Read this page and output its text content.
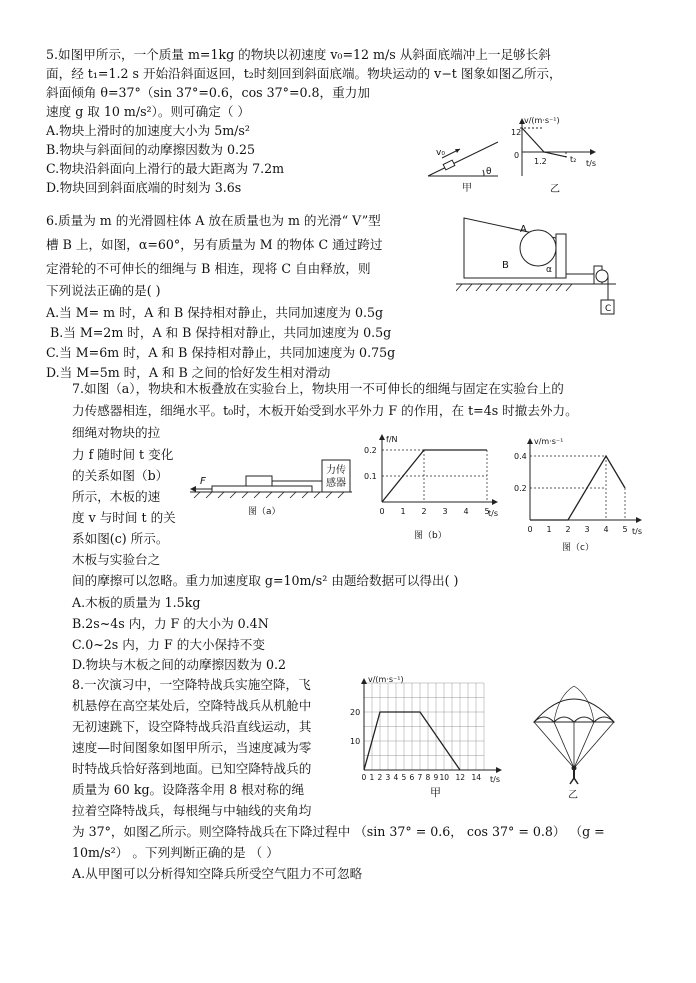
5.如图甲所示，一个质量 m=1kg 的物块以初速度 v₀=12 m/s 从斜面底端冲上一足够长斜
面，经 t₁=1.2 s 开始沿斜面返回，t₂时刻回到斜面底端。物块运动的 v−t 图象如图乙所示，
斜面倾角 θ=37°（sin 37°=0.6，cos 37°=0.8，重力加
速度 g 取 10 m/s²）。则可确定（ ）
A.物块上滑时的加速度大小为 5m/s²
B.物块与斜面间的动摩擦因数为 0.25
C.物块沿斜面向上滑行的最大距离为 7.2m
D.物块回到斜面底端的时刻为 3.6s
v₀
θ
甲
v/(m·s⁻¹)
t/s
12
0
1.2	t₂
乙
6.质量为 m 的光滑圆柱体 A 放在质量也为 m 的光滑“ V”型
槽 B 上，如图，α=60°，另有质量为 M 的物体 C 通过跨过
定滑轮的不可伸长的细绳与 B 相连，现将 C 自由释放，则
下列说法正确的是( )
A.当 M= m 时，A 和 B 保持相对静止，共同加速度为 0.5g
B.当 M=2m 时，A 和 B 保持相对静止，共同加速度为 0.5g
C.当 M=6m 时，A 和 B 保持相对静止，共同加速度为 0.75g
D.当 M=5m 时，A 和 B 之间的恰好发生相对滑动
C
A
B	α
7.如图（a），物块和木板叠放在实验台上，物块用一不可伸长的细绳与固定在实验台上的
力传感器相连，细绳水平。t₀时，木板开始受到水平外力 F 的作用，在 t=4s 时撤去外力。
细绳对物块的拉
力 f 随时间 t 变化
的关系如图（b）
所示，木板的速
度 v 与时间 t 的关
系如图(c) 所示。
木板与实验台之
间的摩擦可以忽略。重力加速度取 g=10m/s² 由题给数据可以得出( )
A.木板的质量为 1.5kg
B.2s~4s 内，力 F 的大小为 0.4N
C.0~2s 内，力 F 的大小保持不变
D.物块与木板之间的动摩擦因数为 0.2
力传
感器
F
图（a）
f/N
t/s
0 1 2 3 4 5
0.1
0.2
图（b）
v/m·s⁻¹
t/s
0 1 2 3 4 5
0.2
0.4
图（c）
8.一次演习中，一空降特战兵实施空降，飞
机悬停在高空某处后，空降特战兵从机舱中
无初速跳下，设空降特战兵沿直线运动，其
速度—时间图象如图甲所示，当速度减为零
时特战兵恰好落到地面。已知空降特战兵的
质量为 60 kg。设降落伞用 8 根对称的绳
拉着空降特战兵，每根绳与中轴线的夹角均
为 37°，如图乙所示。则空降特战兵在下降过程中 （sin 37° = 0.6， cos 37° = 0.8） （g =
10m/s²） 。下列判断正确的是 （ ）
A.从甲图可以分析得知空降兵所受空气阻力不可忽略
v/(m·s⁻¹)
t/s
0 1 2 3 4 5 6 7 8 9 10 12 14
10
20
甲	乙
